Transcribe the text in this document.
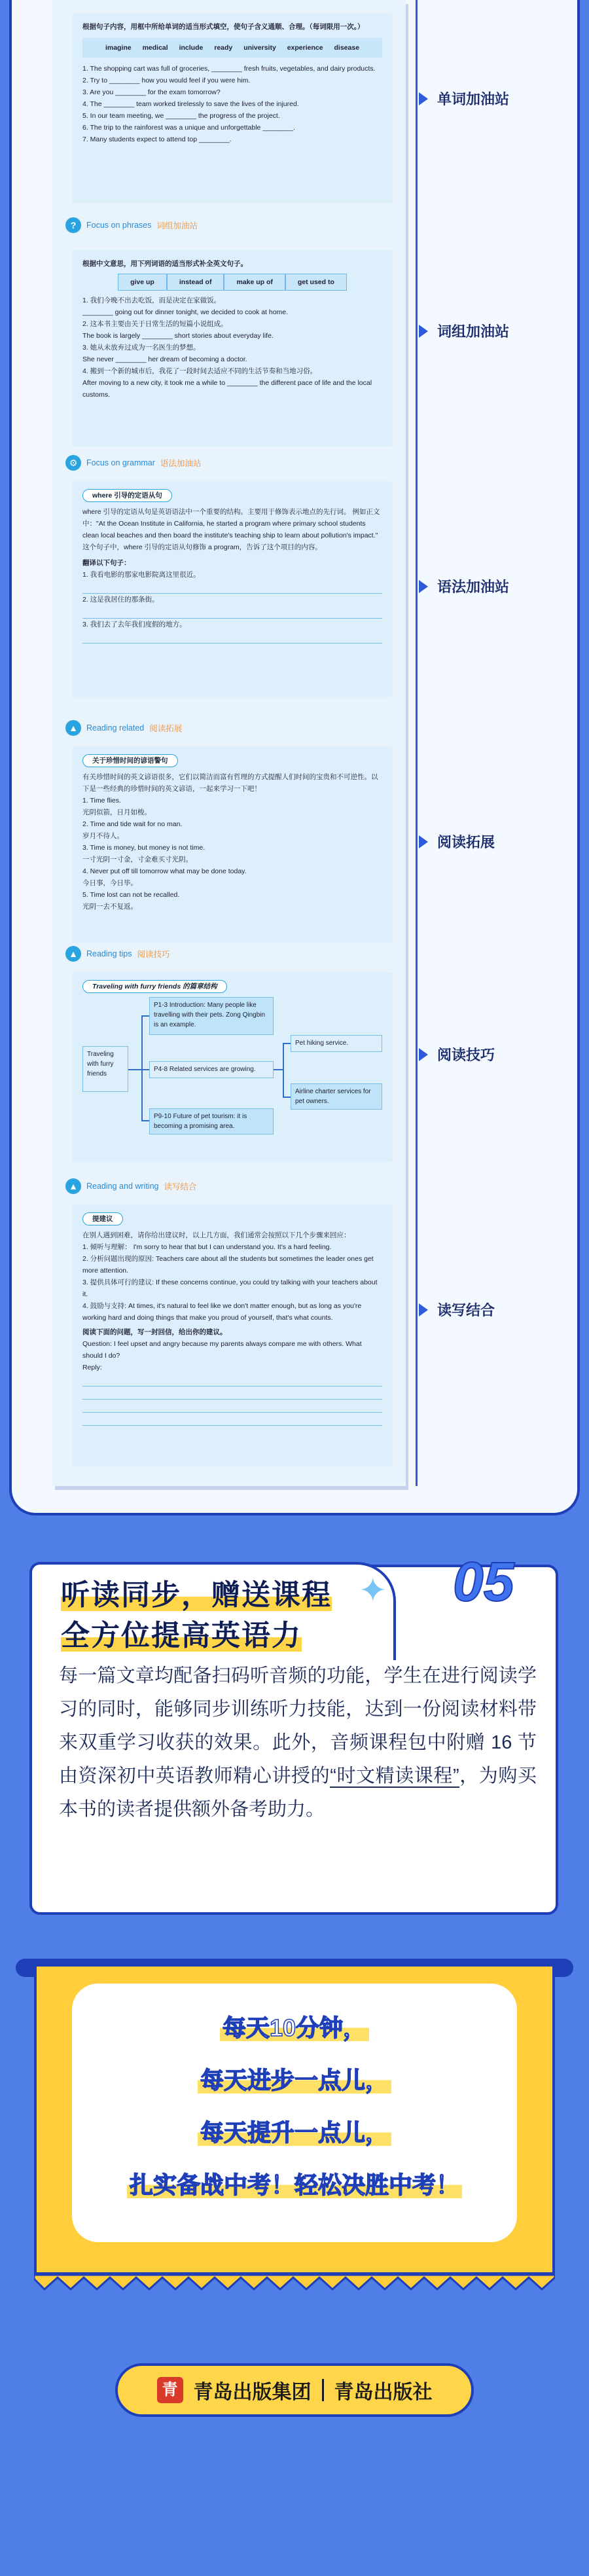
单词加油站
词组加油站
语法加油站
阅读拓展
阅读技巧
读写结合
根据句子内容，用框中所给单词的适当形式填空，使句子含义通顺、合理。（每词限用一次。）
imagine medical include ready university experience disease
1. The shopping cart was full of groceries, ________ fresh fruits, vegetables, and dairy products.
2. Try to ________ how you would feel if you were him.
3. Are you ________ for the exam tomorrow?
4. The ________ team worked tirelessly to save the lives of the injured.
5. In our team meeting, we ________ the progress of the project.
6. The trip to the rainforest was a unique and unforgettable ________.
7. Many students expect to attend top ________.
?	Focus on phrases 词组加油站
根据中文意思，用下列词语的适当形式补全英文句子。
give up	instead of	make up of	get used to
1. 我们今晚不出去吃饭，而是决定在家做饭。
________ going out for dinner tonight, we decided to cook at home.
2. 这本书主要由关于日常生活的短篇小说组成。
The book is largely ________ short stories about everyday life.
3. 她从未放弃过成为一名医生的梦想。
She never ________ her dream of becoming a doctor.
4. 搬到一个新的城市后，我花了一段时间去适应不同的生活节奏和当地习俗。
After moving to a new city, it took me a while to ________ the different pace of life and the local customs.
⚙	Focus on grammar 语法加油站
where 引导的定语从句
where 引导的定语从句是英语语法中一个重要的结构。主要用于修饰表示地点的先行词。 例如正文中："At the Ocean Institute in California, he started a program where primary school students clean local beaches and then board the institute's teaching ship to learn about pollution's impact." 这个句子中，where 引导的定语从句修饰 a program，告诉了这个项目的内容。
翻译以下句子：
1. 我看电影的那家电影院离这里很近。
2. 这是我居住的那条街。
3. 我们去了去年我们度假的地方。
▲	Reading related 阅读拓展
关于珍惜时间的谚语警句
有关珍惜时间的英文谚语很多，它们以简洁而富有哲理的方式提醒人们时间的宝贵和不可逆性。以下是一些经典的珍惜时间的英文谚语，一起来学习一下吧！
1. Time flies.
光阴似箭，日月如梭。
2. Time and tide wait for no man.
岁月不待人。
3. Time is money, but money is not time.
一寸光阴一寸金，寸金难买寸光阴。
4. Never put off till tomorrow what may be done today.
今日事，今日毕。
5. Time lost can not be recalled.
光阴一去不复返。
▲	Reading tips 阅读技巧
Traveling with furry friends 的篇章结构
Traveling with furry friends
P1-3 Introduction: Many people like travelling with their pets. Zong Qingbin is an example.
P4-8 Related services are growing.
P9-10 Future of pet tourism: it is becoming a promising area.
Pet hiking service.
Airline charter services for pet owners.
▲	Reading and writing 读写结合
提建议
在别人遇到困难，请你给出建议时，以上几方面，我们通常会按照以下几个步骤来回应：
1. 倾听与理解： I'm sorry to hear that but I can understand you. It's a hard feeling.
2. 分析问题出现的原因: Teachers care about all the students but sometimes the leader ones get more attention.
3. 提供具体可行的建议: If these concerns continue, you could try talking with your teachers about it.
4. 鼓励与支持: At times, it's natural to feel like we don't matter enough, but as long as you're working hard and doing things that make you proud of yourself, that's what counts.
阅读下面的问题，写一封回信，给出你的建议。
Question: I feel upset and angry because my parents always compare me with others. What should I do?
Reply:
05
✦
听读同步，赠送课程
全方位提高英语力
每一篇文章均配备扫码听音频的功能，学生在进行阅读学习的同时，能够同步训练听力技能，达到一份阅读材料带来双重学习收获的效果。此外，音频课程包中附赠 16 节由资深初中英语教师精心讲授的“时文精读课程”，为购买本书的读者提供额外备考助力。
每天10分钟，
每天进步一点儿，
每天提升一点儿，
扎实备战中考！轻松决胜中考！
青 青岛出版集团 青岛出版社
